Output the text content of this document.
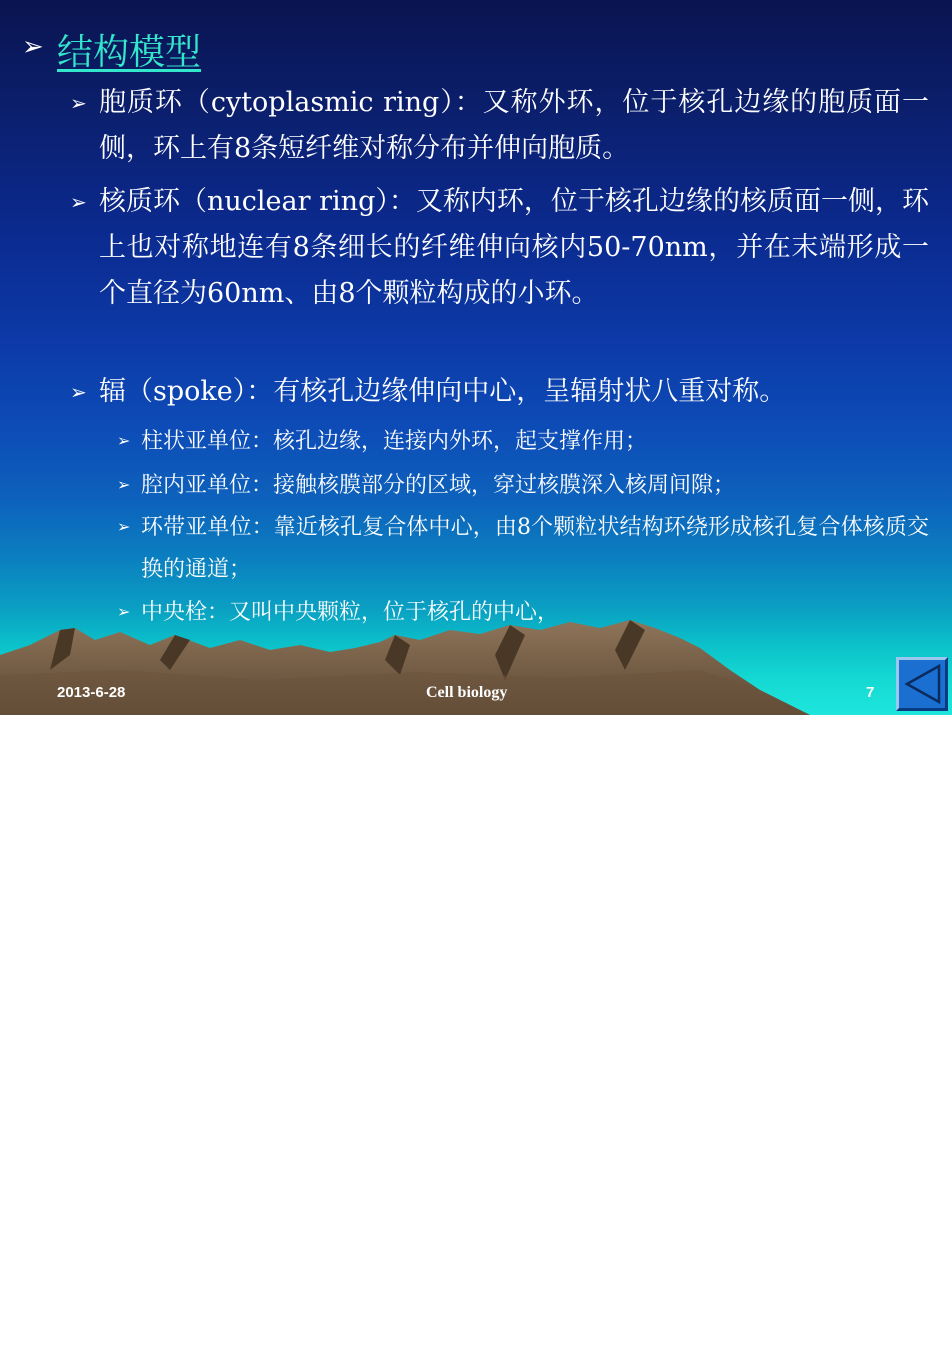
➢ 结构模型
➢ 胞质环（cytoplasmic ring）：又称外环，位于核孔边缘的胞质面一侧，环上有8条短纤维对称分布并伸向胞质。
➢ 核质环（nuclear ring）：又称内环，位于核孔边缘的核质面一侧，环上也对称地连有8条细长的纤维伸向核内50-70nm，并在末端形成一个直径为60nm、由8个颗粒构成的小环。
➢ 辐（spoke）：有核孔边缘伸向中心，呈辐射状八重对称。
➢ 柱状亚单位：核孔边缘，连接内外环，起支撑作用；
➢ 腔内亚单位：接触核膜部分的区域，穿过核膜深入核周间隙；
➢ 环带亚单位：靠近核孔复合体中心，由8个颗粒状结构环绕形成核孔复合体核质交换的通道；
➢ 中央栓：又叫中央颗粒，位于核孔的中心，
2013-6-28	Cell biology	7
